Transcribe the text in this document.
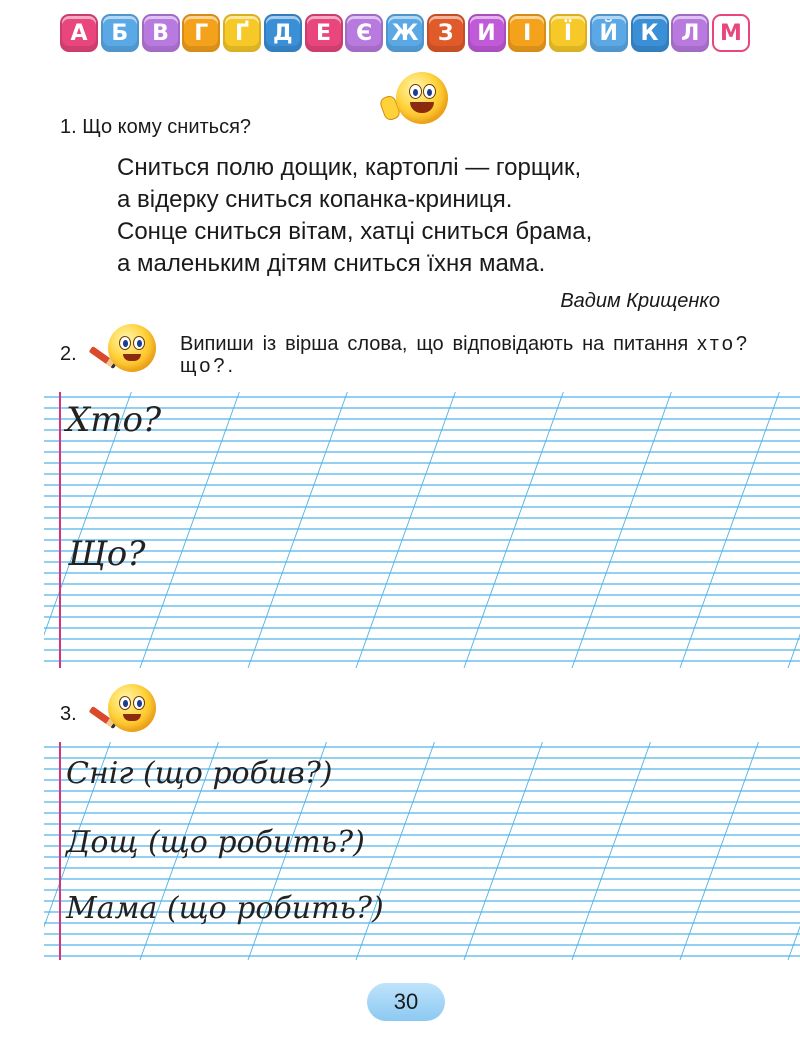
А	Б	В	Г	Ґ	Д	Е	Є Ж З	И	І	Ї	Й	К	Л М
1. Що кому сниться?
Сниться полю дощик, картоплі — горщик,
а відерку сниться копанка-криниця.
Сонце сниться вітам, хатці сниться брама,
а маленьким дітям сниться їхня мама.
Вадим Крищенко
2.	Випиши із вірша слова, що відповідають на питання хто? що?.
Хто?
Що?
3.
Сніг (що робив?)
Дощ (що робить?)
Мама (що робить?)
30
